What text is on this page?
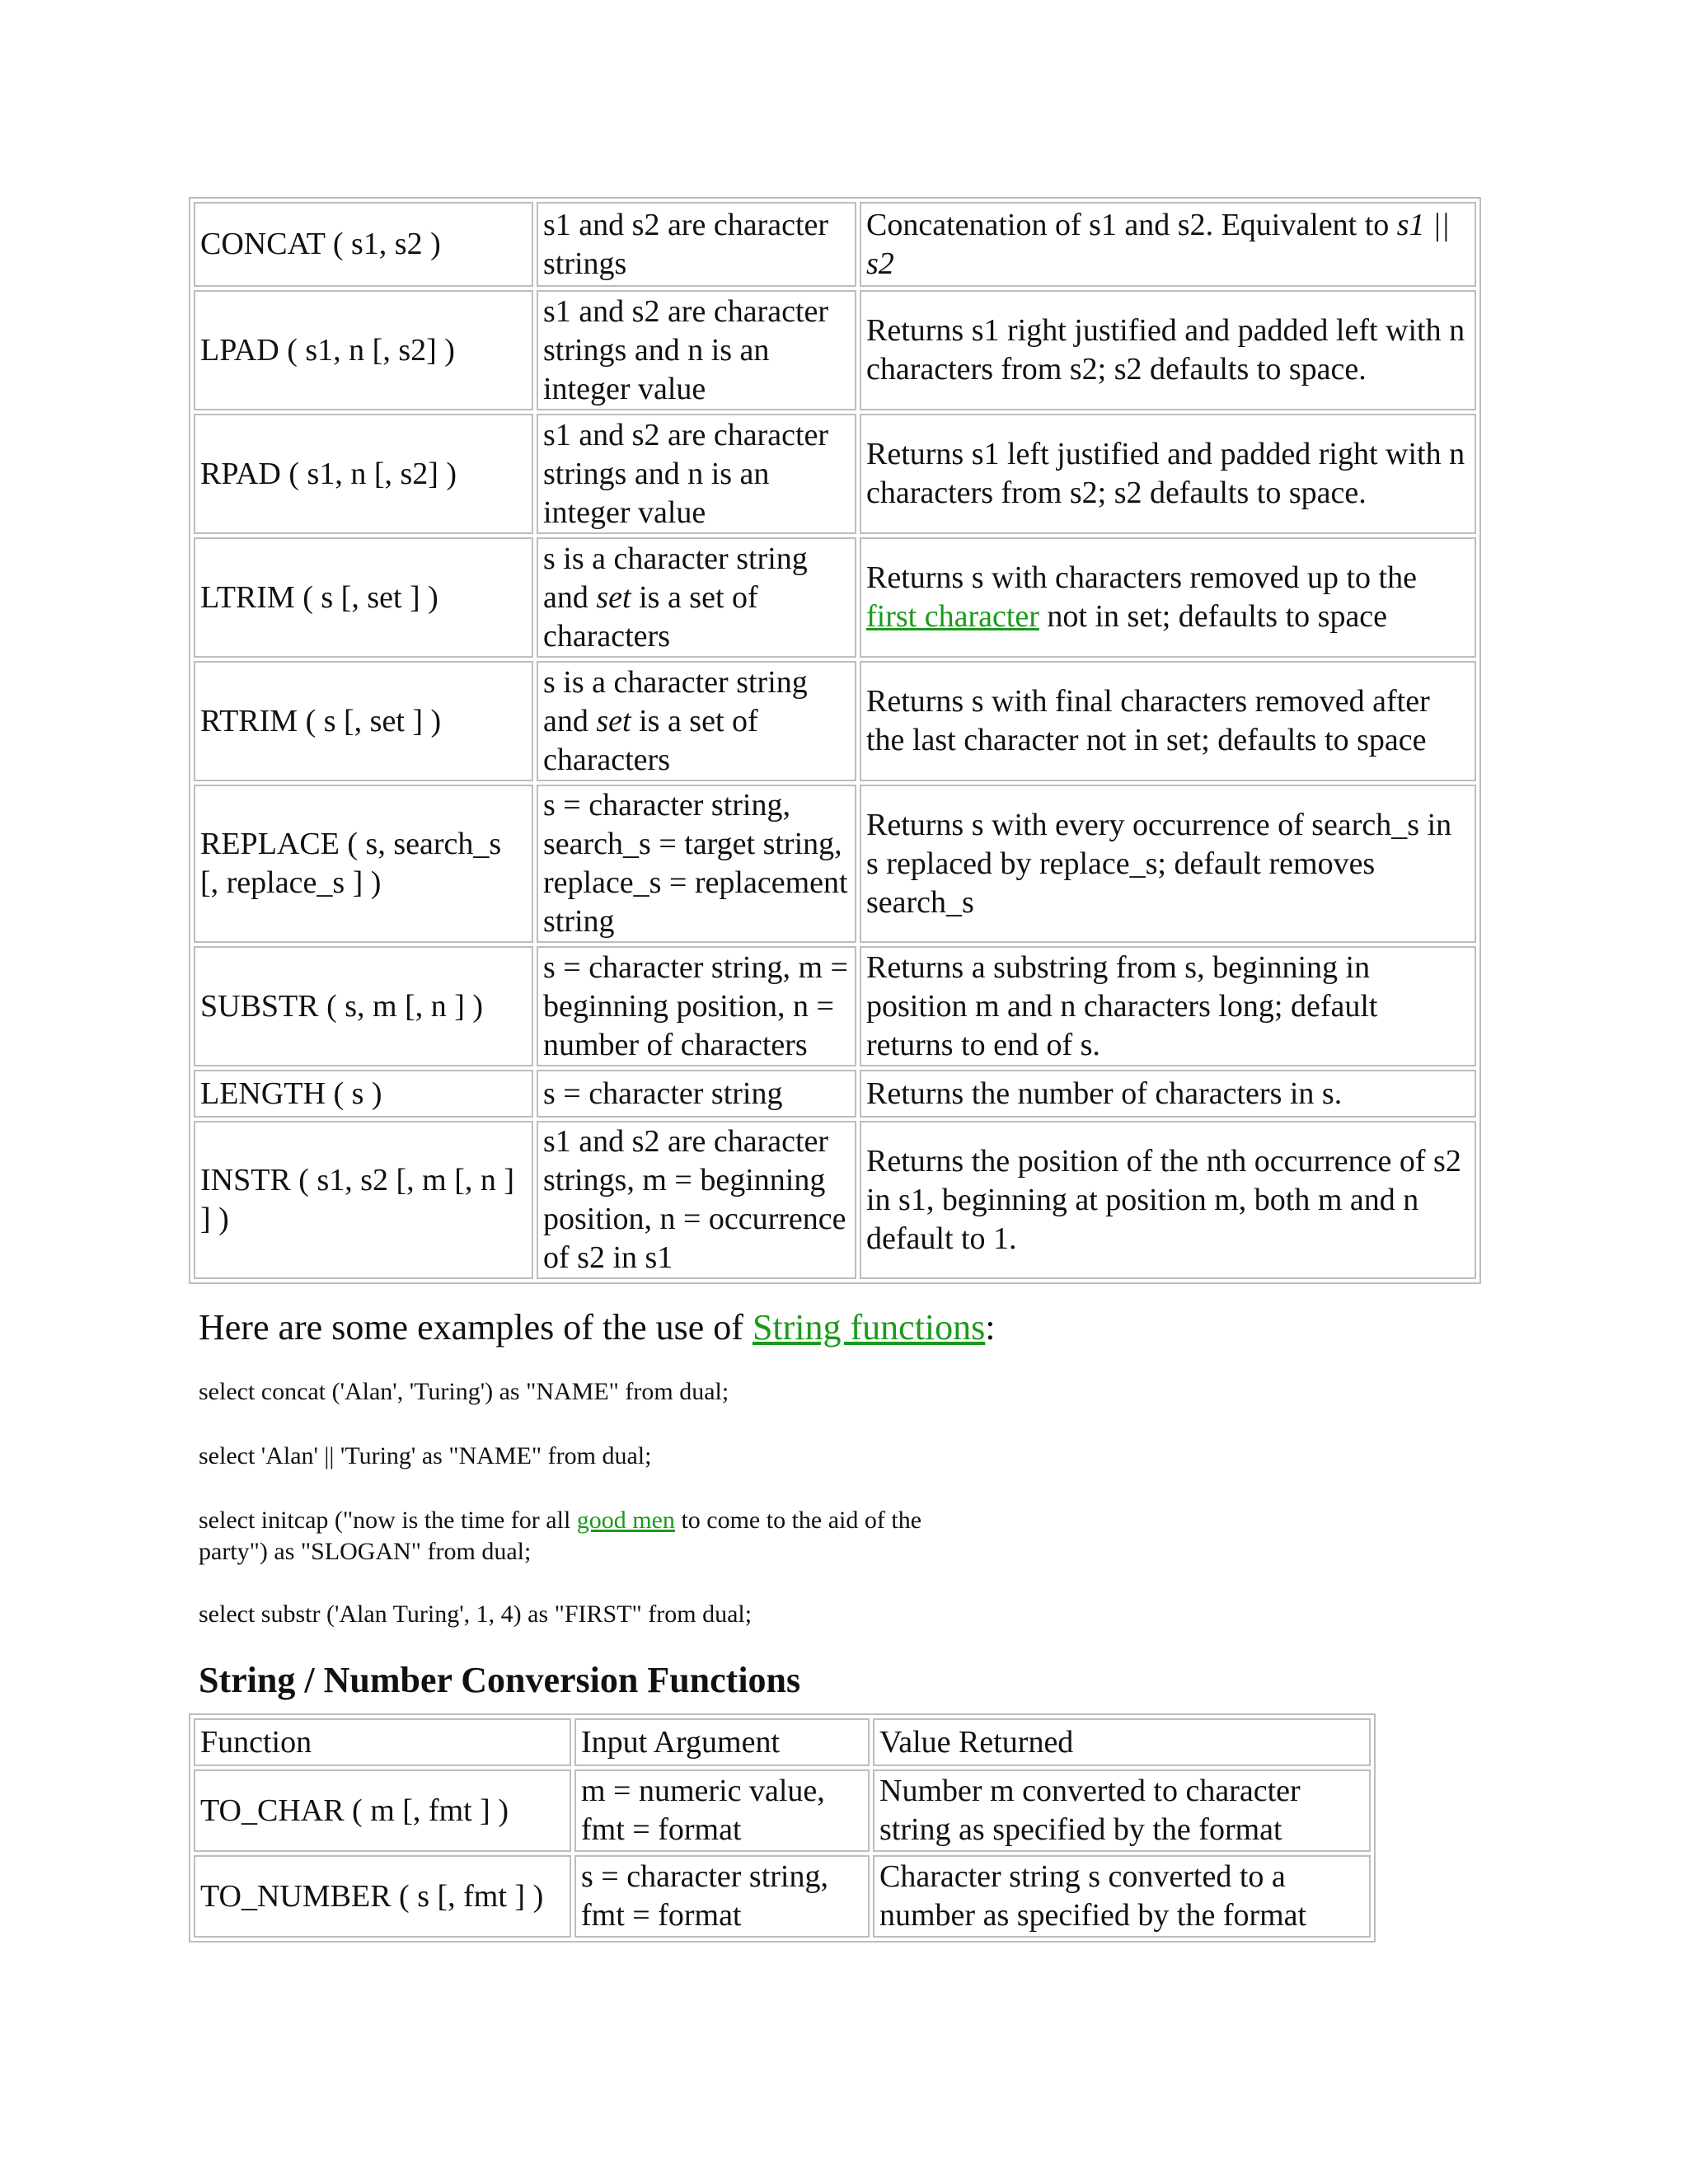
CONCAT ( s1, s2 )	s1 and s2 are character strings	Concatenation of s1 and s2. Equivalent to s1 || s2
LPAD ( s1, n [, s2] )	s1 and s2 are character strings and n is an integer value	Returns s1 right justified and padded left with n characters from s2; s2 defaults to space.
RPAD ( s1, n [, s2] )	s1 and s2 are character strings and n is an integer value	Returns s1 left justified and padded right with n characters from s2; s2 defaults to space.
LTRIM ( s [, set ] )	s is a character string and set is a set of characters	Returns s with characters removed up to the first character not in set; defaults to space
RTRIM ( s [, set ] )	s is a character string and set is a set of characters	Returns s with final characters removed after the last character not in set; defaults to space
REPLACE ( s, search_s [, replace_s ] )	s = character string, search_s = target string, replace_s = replacement string	Returns s with every occurrence of search_s in s replaced by replace_s; default removes search_s
SUBSTR ( s, m [, n ] )	s = character string, m = beginning position, n = number of characters	Returns a substring from s, beginning in position m and n characters long; default returns to end of s.
LENGTH ( s )	s = character string	Returns the number of characters in s.
INSTR ( s1, s2 [, m [, n ] ] )	s1 and s2 are character strings, m = beginning position, n = occurrence of s2 in s1	Returns the position of the nth occurrence of s2 in s1, beginning at position m, both m and n default to 1.
Here are some examples of the use of String functions:
select concat ('Alan', 'Turing') as "NAME" from dual;
select 'Alan' || 'Turing' as "NAME" from dual;
select initcap ("now is the time for all good men to come to the aid of the
party") as "SLOGAN" from dual;
select substr ('Alan Turing', 1, 4) as "FIRST" from dual;
String / Number Conversion Functions
Function	Input Argument	Value Returned
TO_CHAR ( m [, fmt ] )	m = numeric value, fmt = format	Number m converted to character string as specified by the format
TO_NUMBER ( s [, fmt ] )	s = character string, fmt = format	Character string s converted to a number as specified by the format
